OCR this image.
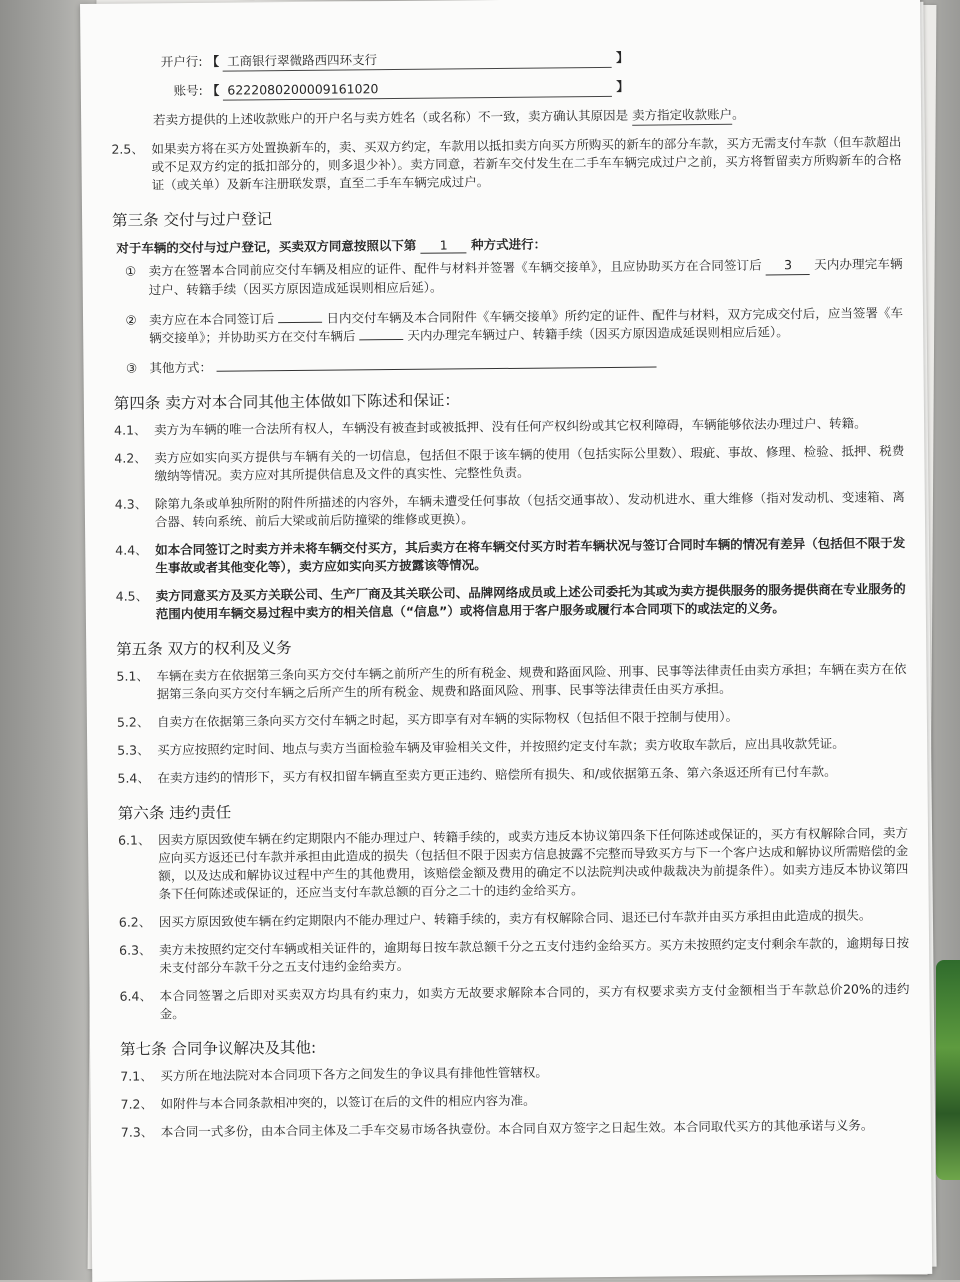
开户行: 【 工商银行翠微路西四环支行	】
账号: 【 6222080200009161020	】
若卖方提供的上述收款账户的开户名与卖方姓名（或名称）不一致，卖方确认其原因是 卖方指定收款账户。
2.5、 如果卖方将在买方处置换新车的，卖、买双方约定，车款用以抵扣卖方向买方所购买的新车的部分车款，买方无需支付车款（但车款超出或不足双方约定的抵扣部分的，则多退少补）。卖方同意，若新车交付发生在二手车车辆完成过户之前，买方将暂留卖方所购新车的合格证（或关单）及新车注册联发票，直至二手车车辆完成过户。
第三条 交付与过户登记
对于车辆的交付与过户登记，买卖双方同意按照以下第 1 种方式进行：
① 卖方在签署本合同前应交付车辆及相应的证件、配件与材料并签署《车辆交接单》，且应协助买方在合同签订后 3 天内办理完车辆过户、转籍手续（因买方原因造成延误则相应后延）。
② 卖方应在本合同签订后	日内交付车辆及本合同附件《车辆交接单》所约定的证件、配件与材料，双方完成交付后，应当签署《车辆交接单》；并协助买方在交付车辆后	天内办理完车辆过户、转籍手续（因买方原因造成延误则相应后延）。
③ 其他方式：
第四条 卖方对本合同其他主体做如下陈述和保证：
4.1、 卖方为车辆的唯一合法所有权人，车辆没有被查封或被抵押、没有任何产权纠纷或其它权利障碍，车辆能够依法办理过户、转籍。
4.2、 卖方应如实向买方提供与车辆有关的一切信息，包括但不限于该车辆的使用（包括实际公里数）、瑕疵、事故、修理、检验、抵押、税费缴纳等情况。卖方应对其所提供信息及文件的真实性、完整性负责。
4.3、 除第九条或单独所附的附件所描述的内容外，车辆未遭受任何事故（包括交通事故）、发动机进水、重大维修（指对发动机、变速箱、离合器、转向系统、前后大梁或前后防撞梁的维修或更换）。
4.4、 如本合同签订之时卖方并未将车辆交付买方，其后卖方在将车辆交付买方时若车辆状况与签订合同时车辆的情况有差异（包括但不限于发生事故或者其他变化等），卖方应如实向买方披露该等情况。
4.5、 卖方同意买方及买方关联公司、生产厂商及其关联公司、品牌网络成员或上述公司委托为其或为卖方提供服务的服务提供商在专业服务的范围内使用车辆交易过程中卖方的相关信息（“信息”）或将信息用于客户服务或履行本合同项下的或法定的义务。
第五条 双方的权利及义务
5.1、 车辆在卖方在依据第三条向买方交付车辆之前所产生的所有税金、规费和路面风险、刑事、民事等法律责任由卖方承担；车辆在卖方在依据第三条向买方交付车辆之后所产生的所有税金、规费和路面风险、刑事、民事等法律责任由买方承担。
5.2、 自卖方在依据第三条向买方交付车辆之时起，买方即享有对车辆的实际物权（包括但不限于控制与使用）。
5.3、 买方应按照约定时间、地点与卖方当面检验车辆及审验相关文件，并按照约定支付车款；卖方收取车款后，应出具收款凭证。
5.4、 在卖方违约的情形下，买方有权扣留车辆直至卖方更正违约、赔偿所有损失、和/或依据第五条、第六条返还所有已付车款。
第六条 违约责任
6.1、 因卖方原因致使车辆在约定期限内不能办理过户、转籍手续的，或卖方违反本协议第四条下任何陈述或保证的，买方有权解除合同，卖方应向买方返还已付车款并承担由此造成的损失（包括但不限于因卖方信息披露不完整而导致买方与下一个客户达成和解协议所需赔偿的金额，以及达成和解协议过程中产生的其他费用，该赔偿金额及费用的确定不以法院判决或仲裁裁决为前提条件）。如卖方违反本协议第四条下任何陈述或保证的，还应当支付车款总额的百分之二十的违约金给买方。
6.2、 因买方原因致使车辆在约定期限内不能办理过户、转籍手续的，卖方有权解除合同、退还已付车款并由买方承担由此造成的损失。
6.3、 卖方未按照约定交付车辆或相关证件的，逾期每日按车款总额千分之五支付违约金给买方。买方未按照约定支付剩余车款的，逾期每日按未支付部分车款千分之五支付违约金给卖方。
6.4、 本合同签署之后即对买卖双方均具有约束力，如卖方无故要求解除本合同的，买方有权要求卖方支付金额相当于车款总价20%的违约金。
第七条 合同争议解决及其他:
7.1、 买方所在地法院对本合同项下各方之间发生的争议具有排他性管辖权。
7.2、 如附件与本合同条款相冲突的，以签订在后的文件的相应内容为准。
7.3、 本合同一式多份，由本合同主体及二手车交易市场各执壹份。本合同自双方签字之日起生效。本合同取代买方的其他承诺与义务。
